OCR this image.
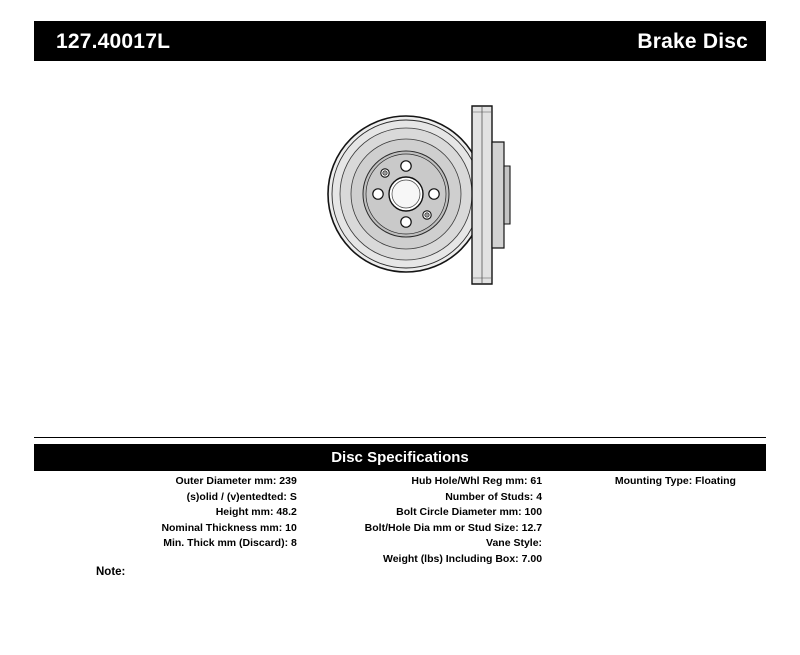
127.40017L	Brake Disc
Disc Specifications
Outer Diameter mm: 239
(s)olid / (v)entedted: S
Height mm: 48.2
Nominal Thickness mm: 10
Min. Thick mm (Discard): 8
Hub Hole/Whl Reg mm: 61
Number of Studs: 4
Bolt Circle Diameter mm: 100
Bolt/Hole Dia mm or Stud Size: 12.7
Vane Style:
Weight (lbs) Including Box: 7.00
Mounting Type: Floating
Note:
